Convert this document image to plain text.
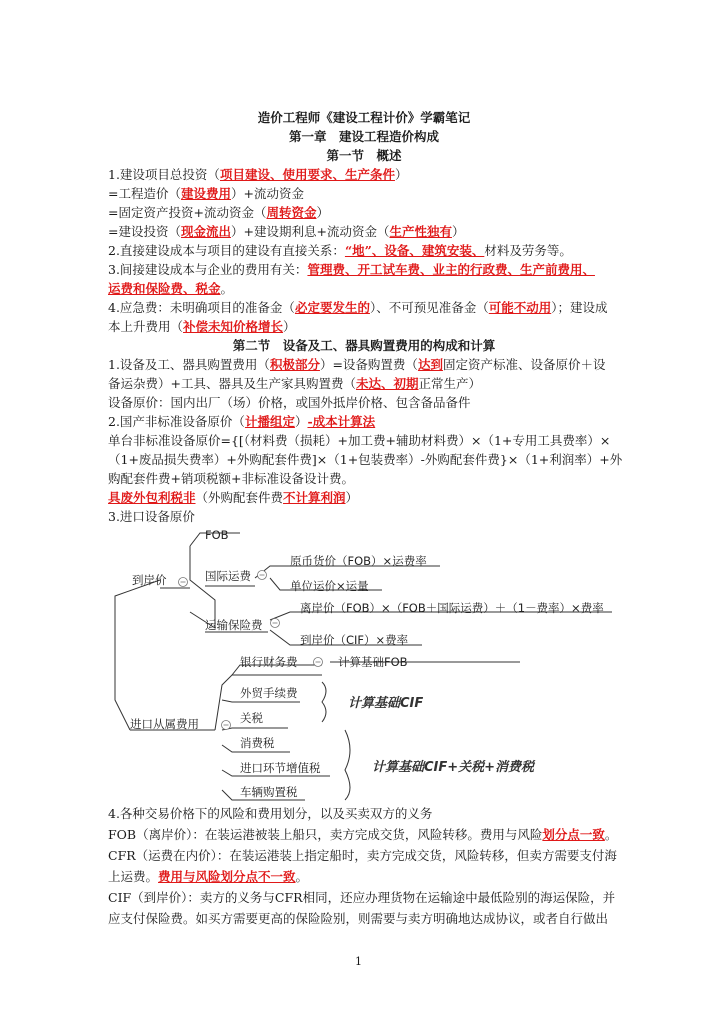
造价工程师《建设工程计价》学霸笔记
第一章　建设工程造价构成
第一节　概述
1.建设项目总投资（项目建设、使用要求、生产条件）
=工程造价（建设费用）+流动资金
=固定资产投资+流动资金（周转资金）
=建设投资（现金流出）+建设期利息+流动资金（生产性独有）
2.直接建设成本与项目的建设有直接关系：“地”、设备、建筑安装、材料及劳务等。
3.间接建设成本与企业的费用有关：管理费、开工试车费、业主的行政费、生产前费用、
运费和保险费、税金。
4.应急费：未明确项目的准备金（必定要发生的）、不可预见准备金（可能不动用）；建设成
本上升费用（补偿未知价格增长）
第二节　设备及工、器具购置费用的构成和计算
1.设备及工、器具购置费用（积极部分）=设备购置费（达到固定资产标准、设备原价＋设
备运杂费）+工具、器具及生产家具购置费（未达、初期正常生产）
设备原价：国内出厂（场）价格，或国外抵岸价格、包含备品备件
2.国产非标准设备原价（计播组定）-成本计算法
单台非标准设备原价={[（材料费（损耗）+加工费+辅助材料费）×（1+专用工具费率）×
（1+废品损失费率）+外购配套件费]×（1+包装费率）-外购配套件费}×（1+利润率）+外
购配套件费+销项税额+非标准设备设计费。
具废外包利税非（外购配套件费不计算利润）
3.进口设备原价
FOB
到岸价	国际运费
原币货价（FOB）×运费率
单位运价×运量
运输保险费
离岸价（FOB）×（FOB＋国际运费）＋（1－费率）×费率
到岸价（CIF）×费率
银行财务费	计算基础FOB
进口从属费用
外贸手续费
关税
消费税
进口环节增值税
车辆购置税
计算基础CIF
计算基础CIF+关税+消费税
4.各种交易价格下的风险和费用划分，以及买卖双方的义务
FOB（离岸价）：在装运港被装上船只，卖方完成交货，风险转移。费用与风险划分点一致。
CFR（运费在内价）：在装运港装上指定船时，卖方完成交货，风险转移，但卖方需要支付海
上运费。费用与风险划分点不一致。
CIF（到岸价）：卖方的义务与CFR相同，还应办理货物在运输途中最低险别的海运保险，并
应支付保险费。如买方需要更高的保险险别，则需要与卖方明确地达成协议，或者自行做出
1
